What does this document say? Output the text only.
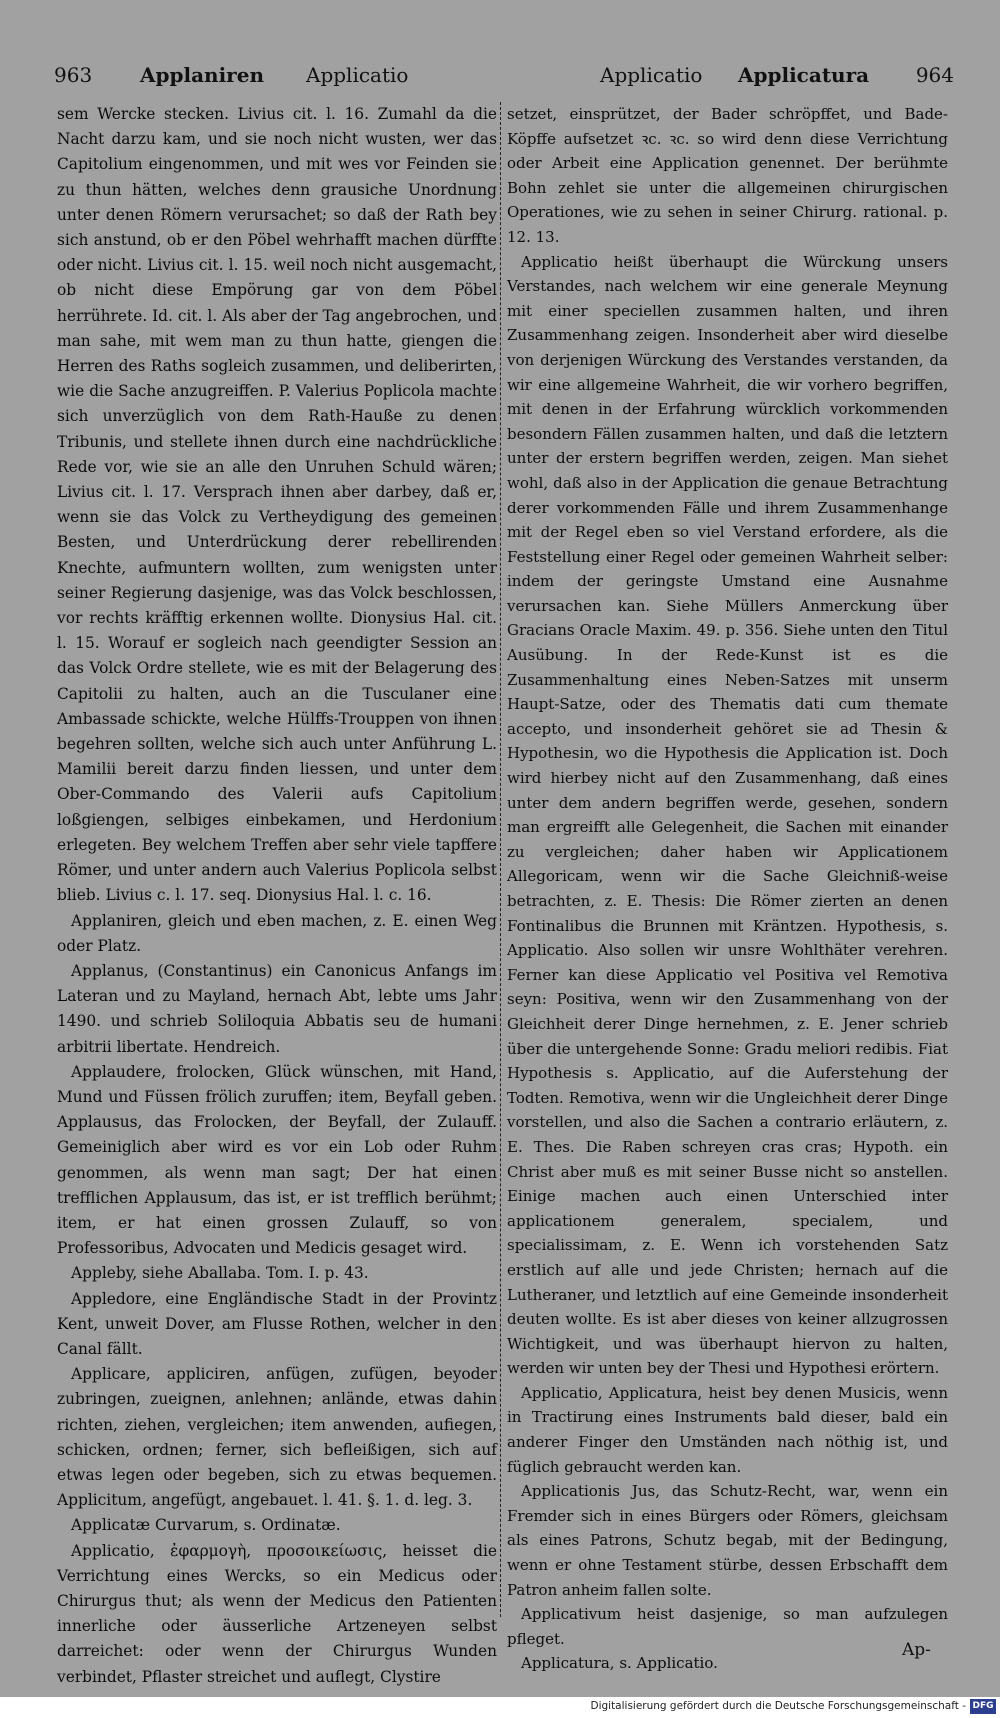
963 Applaniren Applicatio	Applicatio Applicatura 964

sem Wercke stecken. Livius cit. l. 16. Zumahl da die Nacht darzu kam, und sie noch nicht wusten, wer das Capitolium eingenommen, und mit wes vor Feinden sie zu thun hätten, welches denn grausiche Unordnung unter denen Römern verursachet; so daß der Rath bey sich anstund, ob er den Pöbel wehrhafft machen dürffte oder nicht. Livius cit. l. 15. weil noch nicht ausgemacht, ob nicht diese Empörung gar von dem Pöbel herrührete. Id. cit. l. Als aber der Tag angebrochen, und man sahe, mit wem man zu thun hatte, giengen die Herren des Raths sogleich zusammen, und deliberirten, wie die Sache anzugreiffen. P. Valerius Poplicola machte sich unverzüglich von dem Rath-Hauße zu denen Tribunis, und stellete ihnen durch eine nachdrückliche Rede vor, wie sie an alle den Unruhen Schuld wären; Livius cit. l. 17. Versprach ihnen aber darbey, daß er, wenn sie das Volck zu Vertheydigung des gemeinen Besten, und Unterdrückung derer rebellirenden Knechte, aufmuntern wollten, zum wenigsten unter seiner Regierung dasjenige, was das Volck beschlossen, vor rechts kräfftig erkennen wollte. Dionysius Hal. cit. l. 15. Worauf er sogleich nach geendigter Session an das Volck Ordre stellete, wie es mit der Belagerung des Capitolii zu halten, auch an die Tusculaner eine Ambassade schickte, welche Hülffs-Trouppen von ihnen begehren sollten, welche sich auch unter Anführung L. Mamilii bereit darzu finden liessen, und unter dem Ober-Commando des Valerii aufs Capitolium loßgiengen, selbiges einbekamen, und Herdonium erlegeten. Bey welchem Treffen aber sehr viele tapffere Römer, und unter andern auch Valerius Poplicola selbst blieb. Livius c. l. 17. seq. Dionysius Hal. l. c. 16.

Applaniren, gleich und eben machen, z. E. einen Weg oder Platz.

Applanus, (Constantinus) ein Canonicus Anfangs im Lateran und zu Mayland, hernach Abt, lebte ums Jahr 1490. und schrieb Soliloquia Abbatis seu de humani arbitrii libertate. Hendreich.

Applaudere, frolocken, Glück wünschen, mit Hand, Mund und Füssen frölich zuruffen; item, Beyfall geben. Applausus, das Frolocken, der Beyfall, der Zulauff. Gemeiniglich aber wird es vor ein Lob oder Ruhm genommen, als wenn man sagt; Der hat einen trefflichen Applausum, das ist, er ist trefflich berühmt; item, er hat einen grossen Zulauff, so von Professoribus, Advocaten und Medicis gesaget wird.

Appleby, siehe Aballaba. Tom. I. p. 43.

Appledore, eine Engländische Stadt in der Provintz Kent, unweit Dover, am Flusse Rothen, welcher in den Canal fällt.

Applicare, appliciren, anfügen, zufügen, beyoder zubringen, zueignen, anlehnen; anlände, etwas dahin richten, ziehen, vergleichen; item anwenden, aufiegen, schicken, ordnen; ferner, sich befleißigen, sich auf etwas legen oder begeben, sich zu etwas bequemen. Applicitum, angefügt, angebauet. l. 41. §. 1. d. leg. 3.

Applicatæ Curvarum, s. Ordinatæ.

Applicatio, ἐφαρμογὴ, προσοικείωσις, heisset die Verrichtung eines Wercks, so ein Medicus oder Chirurgus thut; als wenn der Medicus den Patienten innerliche oder äusserliche Artzeneyen selbst darreichet: oder wenn der Chirurgus Wunden verbindet, Pflaster streichet und auflegt, Clystire

setzet, einsprützet, der Bader schröpffet, und Bade-Köpffe aufsetzet ꝛc. ꝛc. so wird denn diese Verrichtung oder Arbeit eine Application genennet. Der berühmte Bohn zehlet sie unter die allgemeinen chirurgischen Operationes, wie zu sehen in seiner Chirurg. rational. p. 12. 13.

Applicatio heißt überhaupt die Würckung unsers Verstandes, nach welchem wir eine generale Meynung mit einer speciellen zusammen halten, und ihren Zusammenhang zeigen. Insonderheit aber wird dieselbe von derjenigen Würckung des Verstandes verstanden, da wir eine allgemeine Wahrheit, die wir vorhero begriffen, mit denen in der Erfahrung würcklich vorkommenden besondern Fällen zusammen halten, und daß die letztern unter der erstern begriffen werden, zeigen. Man siehet wohl, daß also in der Application die genaue Betrachtung derer vorkommenden Fälle und ihrem Zusammenhange mit der Regel eben so viel Verstand erfordere, als die Feststellung einer Regel oder gemeinen Wahrheit selber: indem der geringste Umstand eine Ausnahme verursachen kan. Siehe Müllers Anmerckung über Gracians Oracle Maxim. 49. p. 356. Siehe unten den Titul Ausübung. In der Rede-Kunst ist es die Zusammenhaltung eines Neben-Satzes mit unserm Haupt-Satze, oder des Thematis dati cum themate accepto, und insonderheit gehöret sie ad Thesin & Hypothesin, wo die Hypothesis die Application ist. Doch wird hierbey nicht auf den Zusammenhang, daß eines unter dem andern begriffen werde, gesehen, sondern man ergreifft alle Gelegenheit, die Sachen mit einander zu vergleichen; daher haben wir Applicationem Allegoricam, wenn wir die Sache Gleichniß-weise betrachten, z. E. Thesis: Die Römer zierten an denen Fontinalibus die Brunnen mit Kräntzen. Hypothesis, s. Applicatio. Also sollen wir unsre Wohlthäter verehren. Ferner kan diese Applicatio vel Positiva vel Remotiva seyn: Positiva, wenn wir den Zusammenhang von der Gleichheit derer Dinge hernehmen, z. E. Jener schrieb über die untergehende Sonne: Gradu meliori redibis. Fiat Hypothesis s. Applicatio, auf die Auferstehung der Todten. Remotiva, wenn wir die Ungleichheit derer Dinge vorstellen, und also die Sachen a contrario erläutern, z. E. Thes. Die Raben schreyen cras cras; Hypoth. ein Christ aber muß es mit seiner Busse nicht so anstellen. Einige machen auch einen Unterschied inter applicationem generalem, specialem, und specialissimam, z. E. Wenn ich vorstehenden Satz erstlich auf alle und jede Christen; hernach auf die Lutheraner, und letztlich auf eine Gemeinde insonderheit deuten wollte. Es ist aber dieses von keiner allzugrossen Wichtigkeit, und was überhaupt hiervon zu halten, werden wir unten bey der Thesi und Hypothesi erörtern.

Applicatio, Applicatura, heist bey denen Musicis, wenn in Tractirung eines Instruments bald dieser, bald ein anderer Finger den Umständen nach nöthig ist, und füglich gebraucht werden kan.

Applicationis Jus, das Schutz-Recht, war, wenn ein Fremder sich in eines Bürgers oder Römers, gleichsam als eines Patrons, Schutz begab, mit der Bedingung, wenn er ohne Testament stürbe, dessen Erbschafft dem Patron anheim fallen solte.

Applicativum heist dasjenige, so man aufzulegen pfleget.

Applicatura, s. Applicatio.

Ap-
Digitalisierung gefördert durch die Deutsche Forschungsgemeinschaft - DFG
